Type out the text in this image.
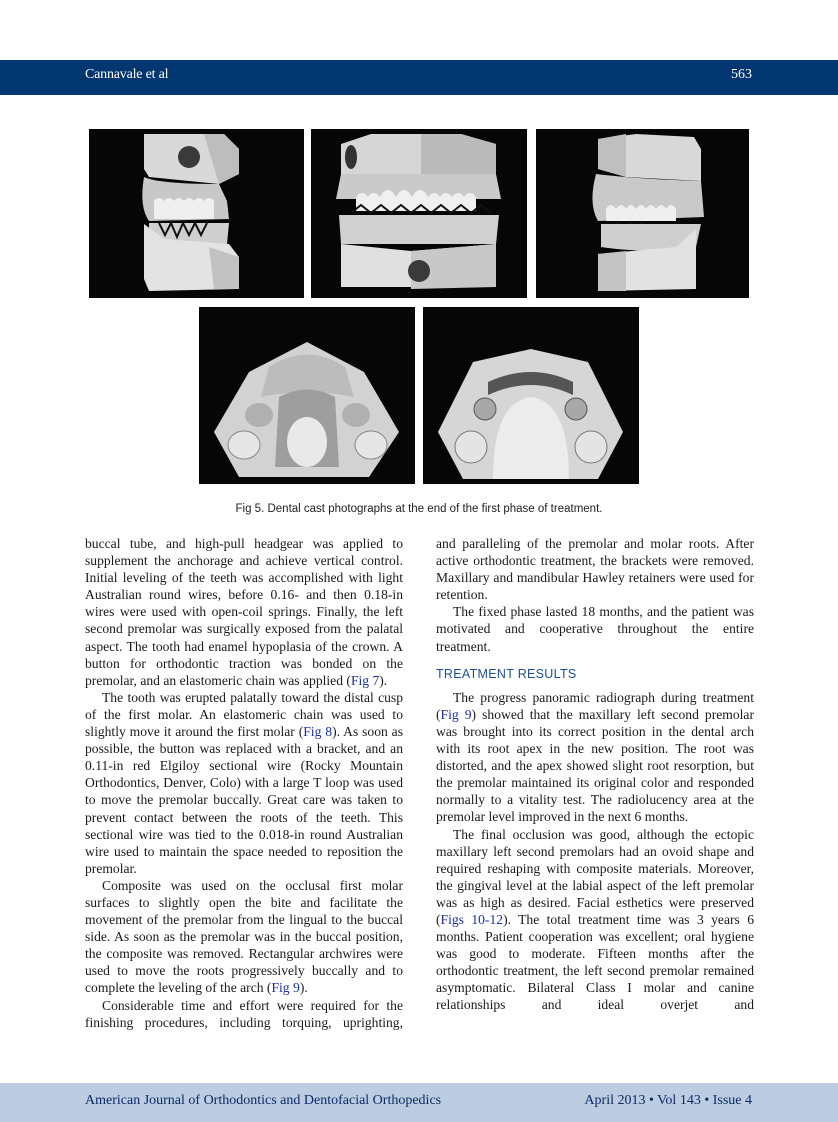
Cannavale et al	563
Fig 5. Dental cast photographs at the end of the first phase of treatment.

buccal tube, and high-pull headgear was applied to supplement the anchorage and achieve vertical control. Initial leveling of the teeth was accomplished with light Australian round wires, before 0.16- and then 0.18-in wires were used with open-coil springs. Finally, the left second premolar was surgically exposed from the palatal aspect. The tooth had enamel hypoplasia of the crown. A button for orthodontic traction was bonded on the premolar, and an elastomeric chain was applied (Fig 7).

The tooth was erupted palatally toward the distal cusp of the first molar. An elastomeric chain was used to slightly move it around the first molar (Fig 8). As soon as possible, the button was replaced with a bracket, and an 0.11-in red Elgiloy sectional wire (Rocky Mountain Orthodontics, Denver, Colo) with a large T loop was used to move the premolar buccally. Great care was taken to prevent contact between the roots of the teeth. This sectional wire was tied to the 0.018-in round Australian wire used to maintain the space needed to reposition the premolar.

Composite was used on the occlusal first molar surfaces to slightly open the bite and facilitate the movement of the premolar from the lingual to the buccal side. As soon as the premolar was in the buccal position, the composite was removed. Rectangular archwires were used to move the roots progressively buccally and to complete the leveling of the arch (Fig 9).

Considerable time and effort were required for the finishing procedures, including torquing, uprighting,

and paralleling of the premolar and molar roots. After active orthodontic treatment, the brackets were removed. Maxillary and mandibular Hawley retainers were used for retention.

The fixed phase lasted 18 months, and the patient was motivated and cooperative throughout the entire treatment.

TREATMENT RESULTS

The progress panoramic radiograph during treatment (Fig 9) showed that the maxillary left second premolar was brought into its correct position in the dental arch with its root apex in the new position. The root was distorted, and the apex showed slight root resorption, but the premolar maintained its original color and responded normally to a vitality test. The radiolucency area at the premolar level improved in the next 6 months.

The final occlusion was good, although the ectopic maxillary left second premolars had an ovoid shape and required reshaping with composite materials. Moreover, the gingival level at the labial aspect of the left premolar was as high as desired. Facial esthetics were preserved (Figs 10-12). The total treatment time was 3 years 6 months. Patient cooperation was excellent; oral hygiene was good to moderate. Fifteen months after the orthodontic treatment, the left second premolar remained asymptomatic. Bilateral Class I molar and canine relationships and ideal overjet and

American Journal of Orthodontics and Dentofacial Orthopedics	April 2013 • Vol 143 • Issue 4
